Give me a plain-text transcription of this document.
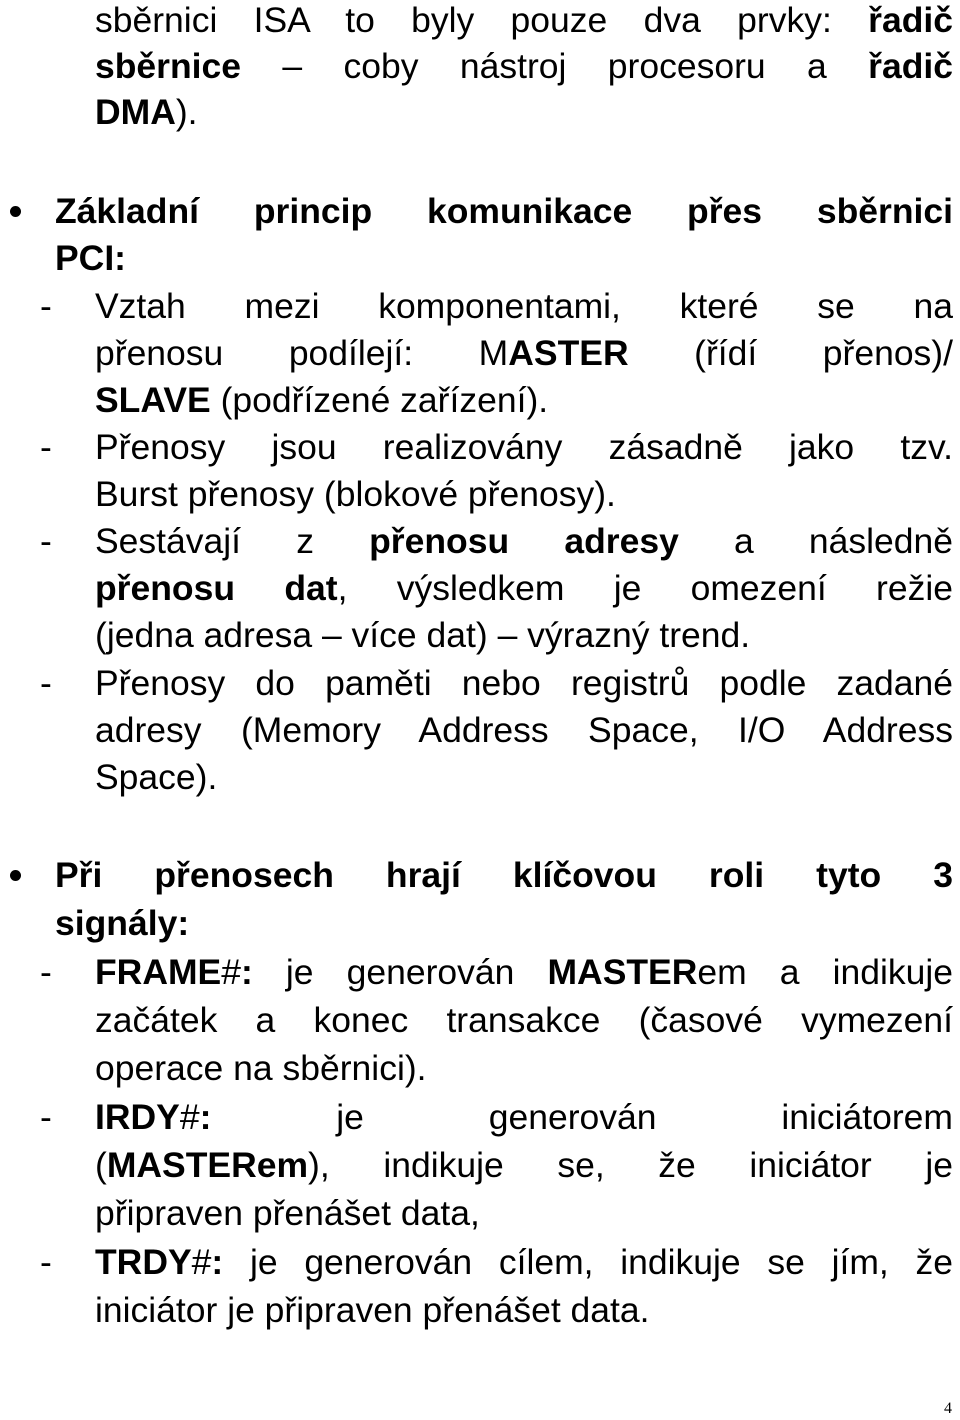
sběrnici ISA to byly pouze dva prvky: řadič
sběrnice – coby nástroj procesoru a řadič
DMA).
Základní princip komunikace přes sběrnici
PCI:
- Vztah mezi komponentami, které se na
přenosu podílejí: MASTER (řídí přenos)/
SLAVE (podřízené zařízení).
- Přenosy jsou realizovány zásadně jako tzv.
Burst přenosy (blokové přenosy).
- Sestávají z přenosu adresy a následně
přenosu dat, výsledkem je omezení režie
(jedna adresa – více dat) – výrazný trend.
- Přenosy do paměti nebo registrů podle zadané
adresy (Memory Address Space, I/O Address
Space).
Při přenosech hrají klíčovou roli tyto 3
signály:
- FRAME#: je generován MASTERem a indikuje
začátek a konec transakce (časové vymezení
operace na sběrnici).
- IRDY#: je generován iniciátorem
(MASTERem), indikuje se, že iniciátor je
připraven přenášet data,
- TRDY#: je generován cílem, indikuje se jím, že
iniciátor je připraven přenášet data.
4
